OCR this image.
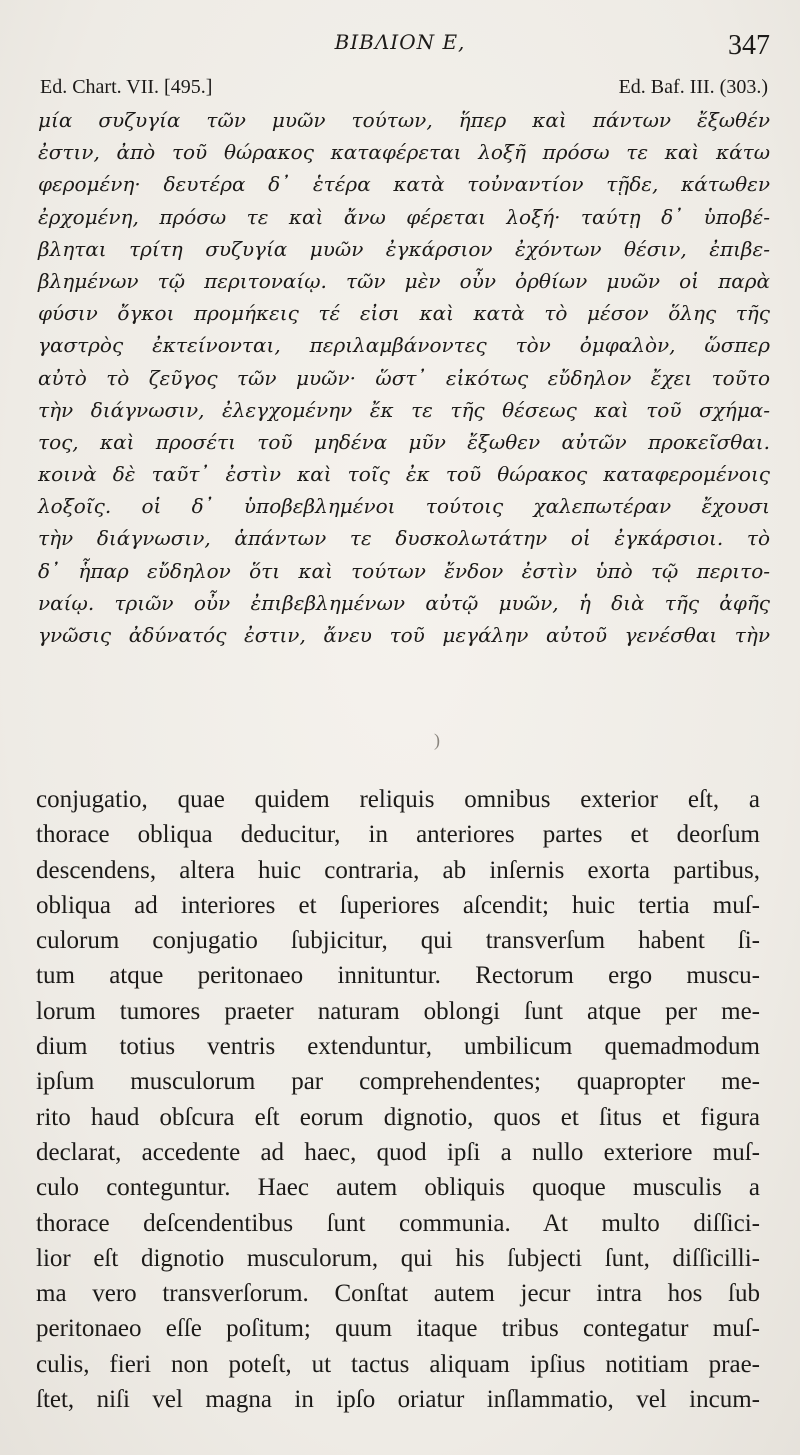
BIBΛΙΟΝ Ε,	347
Ed. Chart. VII. [495.]	Ed. Baf. III. (303.)
μία συζυγία τῶν μυῶν τούτων, ἥπερ καὶ πάντων ἔξωθέν
ἐστιν, ἀπὸ τοῦ θώρακος καταφέρεται λοξῆ πρόσω τε καὶ κάτω
φερομένη· δευτέρα δ᾽ ἑτέρα κατὰ τοὐναντίον τῇδε, κάτωθεν
ἐρχομένη, πρόσω τε καὶ ἄνω φέρεται λοξή· ταύτῃ δ᾽ ὑποβέ-
βληται τρίτη συζυγία μυῶν ἐγκάρσιον ἐχόντων θέσιν, ἐπιβε-
βλημένων τῷ περιτοναίῳ. τῶν μὲν οὖν ὀρθίων μυῶν οἱ παρὰ
φύσιν ὄγκοι προμήκεις τέ εἰσι καὶ κατὰ τὸ μέσον ὅλης τῆς
γαστρὸς ἐκτείνονται, περιλαμβάνοντες τὸν ὀμφαλὸν, ὥσπερ
αὐτὸ τὸ ζεῦγος τῶν μυῶν· ὥστ᾽ εἰκότως εὔδηλον ἔχει τοῦτο
τὴν διάγνωσιν, ἐλεγχομένην ἔκ τε τῆς θέσεως καὶ τοῦ σχήμα-
τος, καὶ προσέτι τοῦ μηδένα μῦν ἔξωθεν αὐτῶν προκεῖσθαι.
κοινὰ δὲ ταῦτ᾽ ἐστὶν καὶ τοῖς ἐκ τοῦ θώρακος καταφερομένοις
λοξοῖς. οἱ δ᾽ ὑποβεβλημένοι τούτοις χαλεπωτέραν ἔχουσι
τὴν διάγνωσιν, ἁπάντων τε δυσκολωτάτην οἱ ἐγκάρσιοι. τὸ
δ᾽ ἧπαρ εὔδηλον ὅτι καὶ τούτων ἔνδον ἐστὶν ὑπὸ τῷ περιτο-
ναίῳ. τριῶν οὖν ἐπιβεβλημένων αὐτῷ μυῶν, ἡ διὰ τῆς ἀφῆς
γνῶσις ἀδύνατός ἐστιν, ἄνευ τοῦ μεγάλην αὐτοῦ γενέσθαι τὴν
)
conjugatio, quae quidem reliquis omnibus exterior eſt, a
thorace obliqua deducitur, in anteriores partes et deorſum
descendens, altera huic contraria, ab inſernis exorta partibus,
obliqua ad interiores et ſuperiores aſcendit; huic tertia muſ-
culorum conjugatio ſubjicitur, qui transverſum habent ſi-
tum atque peritonaeo innituntur. Rectorum ergo muscu-
lorum tumores praeter naturam oblongi ſunt atque per me-
dium totius ventris extenduntur, umbilicum quemadmodum
ipſum musculorum par comprehendentes; quapropter me-
rito haud obſcura eſt eorum dignotio, quos et ſitus et figura
declarat, accedente ad haec, quod ipſi a nullo exteriore muſ-
culo conteguntur. Haec autem obliquis quoque musculis a
thorace deſcendentibus ſunt communia. At multo diſſici-
lior eſt dignotio musculorum, qui his ſubjecti ſunt, diſſicilli-
ma vero transverſorum. Conſtat autem jecur intra hos ſub
peritonaeo eſſe poſitum; quum itaque tribus contegatur muſ-
culis, fieri non poteſt, ut tactus aliquam ipſius notitiam prae-
ſtet, niſi vel magna in ipſo oriatur inſlammatio, vel incum-
